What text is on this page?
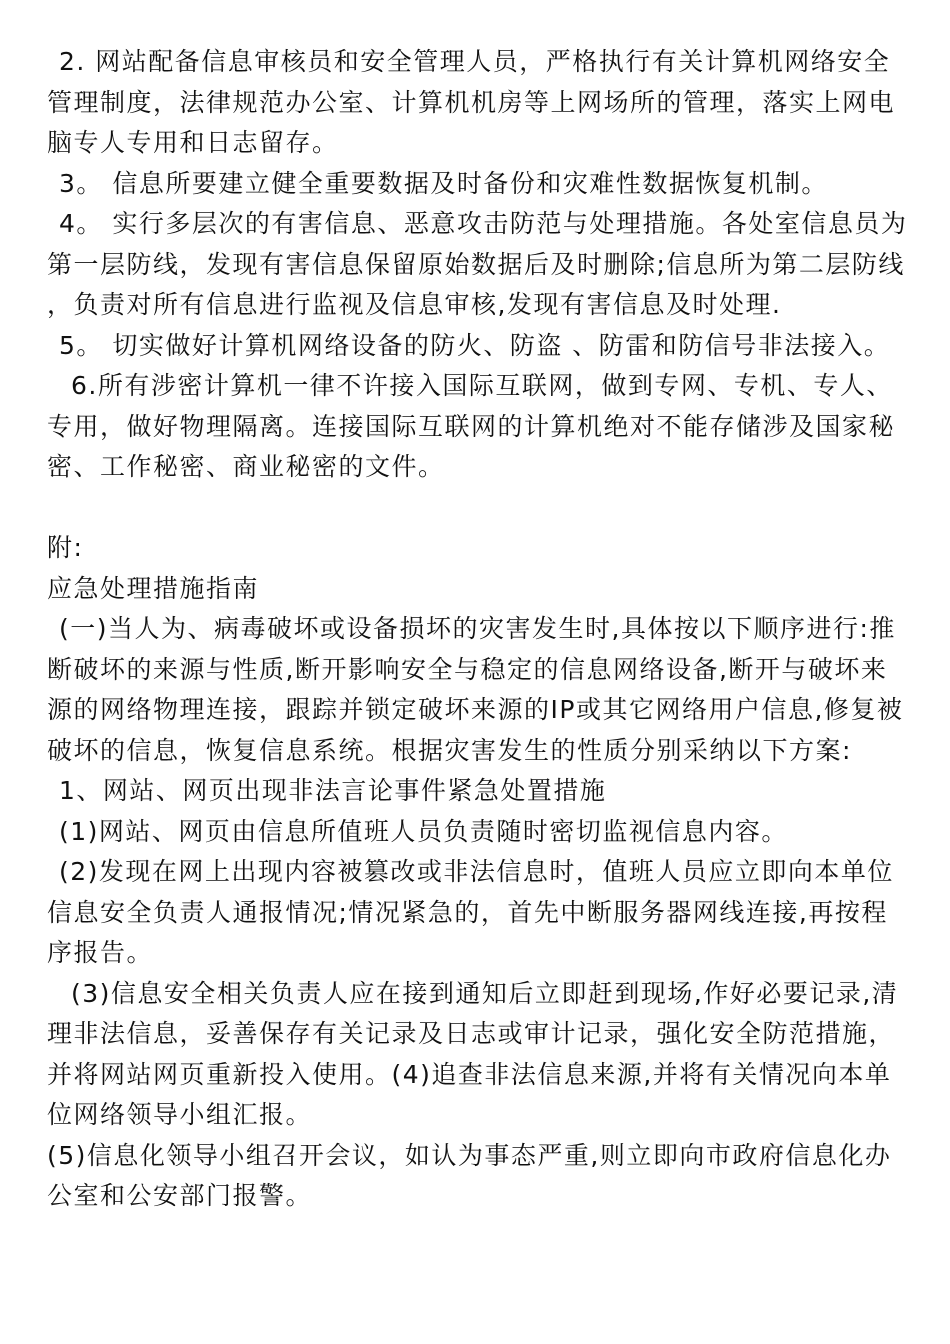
2. 网站配备信息审核员和安全管理人员，严格执行有关计算机网络安全管理制度，法律规范办公室、计算机机房等上网场所的管理，落实上网电脑专人专用和日志留存。

3。 信息所要建立健全重要数据及时备份和灾难性数据恢复机制。

4。 实行多层次的有害信息、恶意攻击防范与处理措施。各处室信息员为第一层防线，发现有害信息保留原始数据后及时删除;信息所为第二层防线，负责对所有信息进行监视及信息审核,发现有害信息及时处理.

5。 切实做好计算机网络设备的防火、防盗 、防雷和防信号非法接入。

6.所有涉密计算机一律不许接入国际互联网，做到专网、专机、专人、专用，做好物理隔离。连接国际互联网的计算机绝对不能存储涉及国家秘密、工作秘密、商业秘密的文件。

附:

应急处理措施指南

(一)当人为、病毒破坏或设备损坏的灾害发生时,具体按以下顺序进行:推断破坏的来源与性质,断开影响安全与稳定的信息网络设备,断开与破坏来源的网络物理连接，跟踪并锁定破坏来源的IP或其它网络用户信息,修复被破坏的信息，恢复信息系统。根据灾害发生的性质分别采纳以下方案:

1、网站、网页出现非法言论事件紧急处置措施

(1)网站、网页由信息所值班人员负责随时密切监视信息内容。

(2)发现在网上出现内容被篡改或非法信息时，值班人员应立即向本单位信息安全负责人通报情况;情况紧急的，首先中断服务器网线连接,再按程序报告。

(3)信息安全相关负责人应在接到通知后立即赶到现场,作好必要记录,清理非法信息，妥善保存有关记录及日志或审计记录，强化安全防范措施，并将网站网页重新投入使用。(4)追查非法信息来源,并将有关情况向本单位网络领导小组汇报。

(5)信息化领导小组召开会议，如认为事态严重,则立即向市政府信息化办公室和公安部门报警。
